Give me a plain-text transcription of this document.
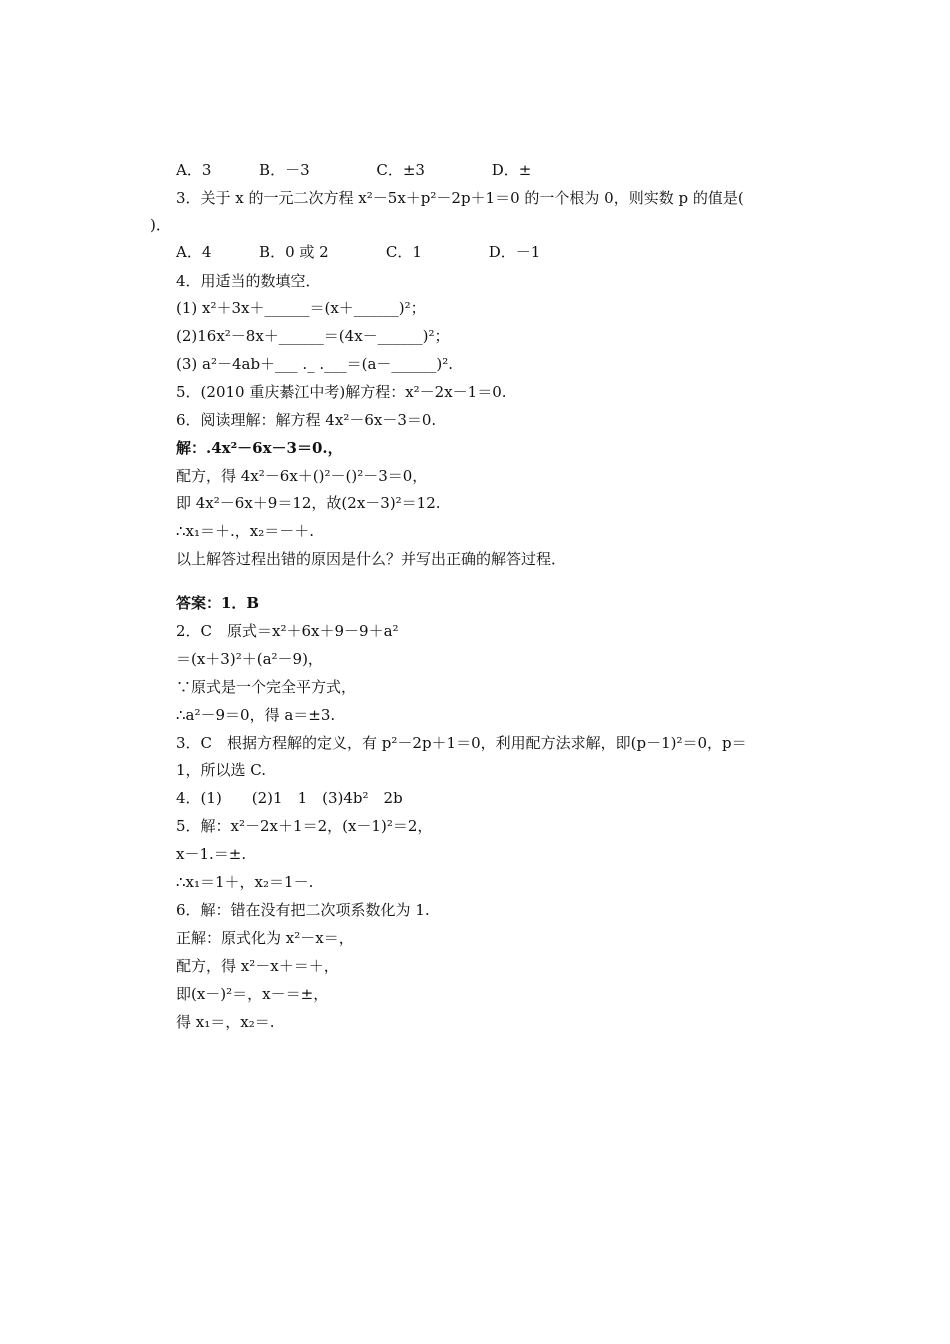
A．3          B．－3              C．±3              D．±
3．关于 x 的一元二次方程 x²－5x＋p²－2p＋1＝0 的一个根为 0，则实数 p 的值是(
)．
A．4          B．0 或 2            C．1              D．－1
4．用适当的数填空．
(1) x²＋3x＋______＝(x＋______)²；
(2)16x²－8x＋______＝(4x－______)²；
(3) a²－4ab＋___ ._ .___＝(a－______)².
5．(2010 重庆綦江中考)解方程：x²－2x－1＝0.
6．阅读理解：解方程 4x²－6x－3＝0.
解：.4x²－6x－3＝0.，
配方，得 4x²－6x＋()²－()²－3＝0，
即 4x²－6x＋9＝12，故(2x－3)²＝12.
∴x₁＝＋.，x₂＝－＋.
以上解答过程出错的原因是什么？并写出正确的解答过程．
答案：1．B
2．C　原式＝x²＋6x＋9－9＋a²
＝(x＋3)²＋(a²－9)，
∵原式是一个完全平方式，
∴a²－9＝0，得 a＝±3.
3．C　根据方程解的定义，有 p²－2p＋1＝0，利用配方法求解，即(p－1)²＝0，p＝
1，所以选 C.
4．(1)　　(2)1　1　(3)4b²　2b
5．解：x²－2x＋1＝2，(x－1)²＝2，
x－1.＝±.
∴x₁＝1＋，x₂＝1－.
6．解：错在没有把二次项系数化为 1.
正解：原式化为 x²－x＝，
配方，得 x²－x＋＝＋，
即(x－)²＝，x－＝±，
得 x₁＝，x₂＝.
